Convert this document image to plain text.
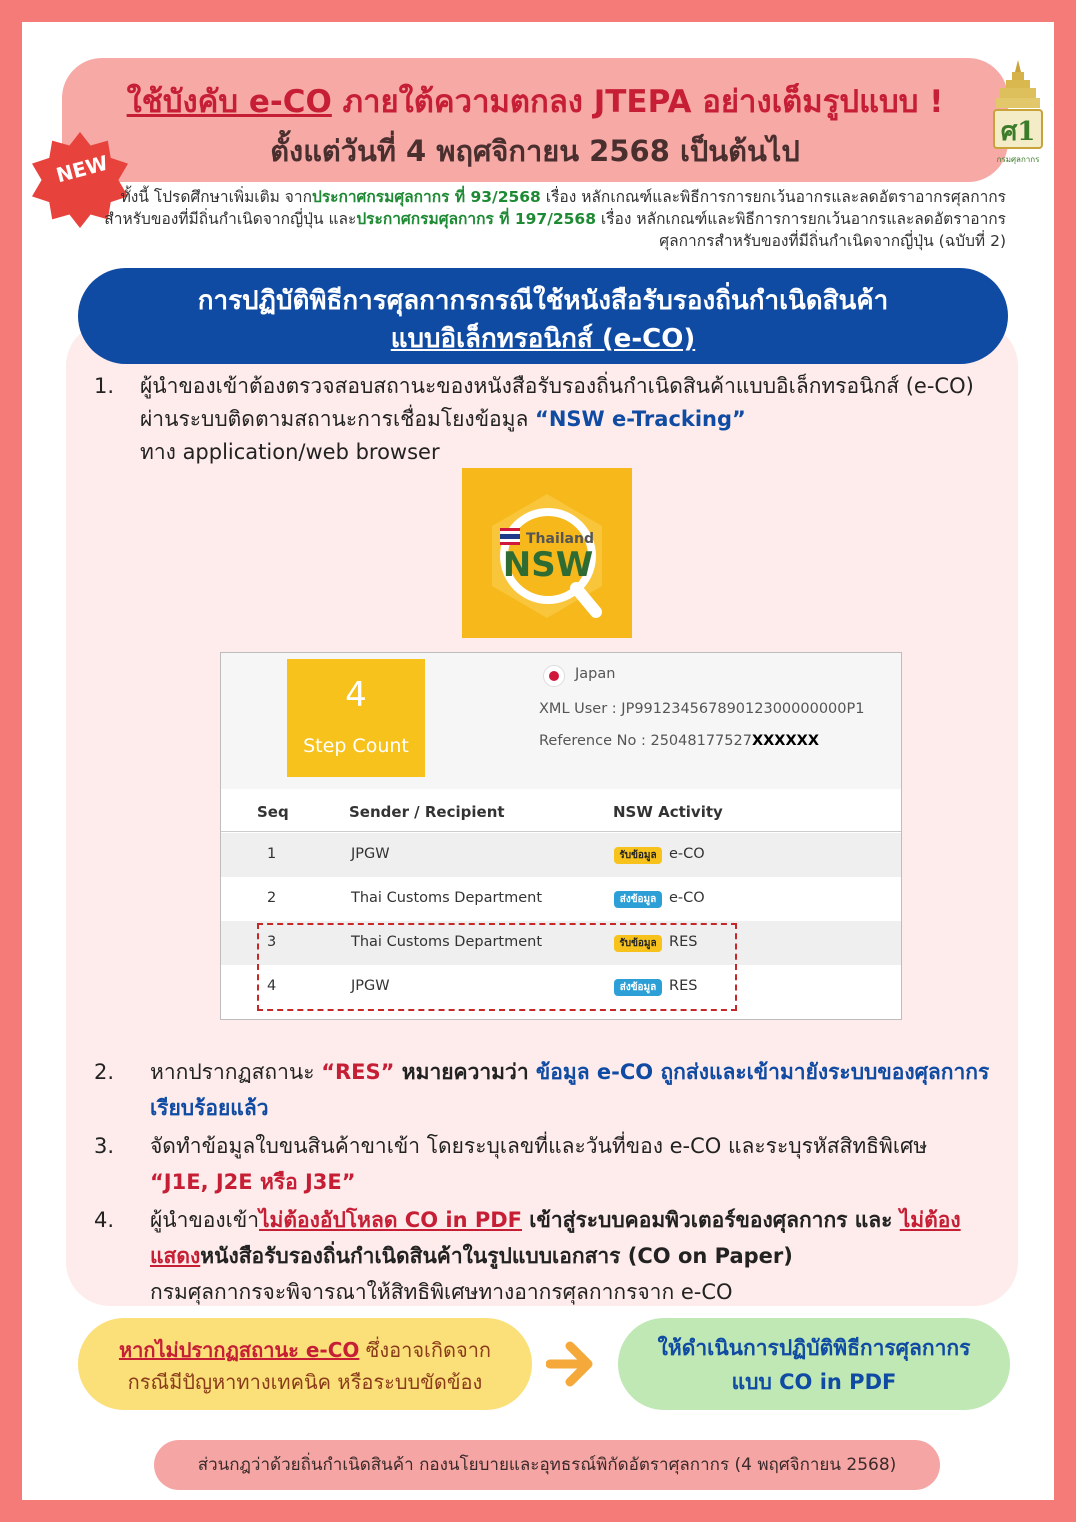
ใช้บังคับ e-CO ภายใต้ความตกลง JTEPA อย่างเต็มรูปแบบ !
ตั้งแต่วันที่ 4 พฤศจิกายน 2568 เป็นต้นไป
NEW
ศ1
กรมศุลกากร
ทั้งนี้ โปรดศึกษาเพิ่มเติม จากประกาศกรมศุลกากร ที่ 93/2568 เรื่อง หลักเกณฑ์และพิธีการการยกเว้นอากรและลดอัตราอากรศุลกากรสำหรับของที่มีถิ่นกำเนิดจากญี่ปุ่น และประกาศกรมศุลกากร ที่ 197/2568 เรื่อง หลักเกณฑ์และพิธีการการยกเว้นอากรและลดอัตราอากรศุลกากรสำหรับของที่มีถิ่นกำเนิดจากญี่ปุ่น (ฉบับที่ 2)
การปฏิบัติพิธีการศุลกากรกรณีใช้หนังสือรับรองถิ่นกำเนิดสินค้า
แบบอิเล็กทรอนิกส์ (e-CO)
1. ผู้นำของเข้าต้องตรวจสอบสถานะของหนังสือรับรองถิ่นกำเนิดสินค้าแบบอิเล็กทรอนิกส์ (e-CO) ผ่านระบบติดตามสถานะการเชื่อมโยงข้อมูล “NSW e-Tracking”
ทาง application/web browser
Thailand
NSW
4
Step Count
Japan
XML User : JP99123456789012300000000P1
Reference No : 25048177527XXXXXX
Seq	Sender / Recipient	NSW Activity
1	JPGW	รับข้อมูล e-CO
2	Thai Customs Department	ส่งข้อมูล e-CO
3	Thai Customs Department	รับข้อมูล RES
4	JPGW	ส่งข้อมูล RES
2. หากปรากฏสถานะ “RES” หมายความว่า ข้อมูล e-CO ถูกส่งและเข้ามายังระบบของศุลกากรเรียบร้อยแล้ว
3. จัดทำข้อมูลใบขนสินค้าขาเข้า โดยระบุเลขที่และวันที่ของ e-CO และระบุรหัสสิทธิพิเศษ
“J1E, J2E หรือ J3E”
4. ผู้นำของเข้าไม่ต้องอัปโหลด CO in PDF เข้าสู่ระบบคอมพิวเตอร์ของศุลกากร และ ไม่ต้องแสดงหนังสือรับรองถิ่นกำเนิดสินค้าในรูปแบบเอกสาร (CO on Paper)
กรมศุลกากรจะพิจารณาให้สิทธิพิเศษทางอากรศุลกากรจาก e-CO
หากไม่ปรากฏสถานะ e-CO ซึ่งอาจเกิดจาก
กรณีมีปัญหาทางเทคนิค หรือระบบขัดข้อง
ให้ดำเนินการปฏิบัติพิธีการศุลกากร
แบบ CO in PDF
ส่วนกฎว่าด้วยถิ่นกำเนิดสินค้า กองนโยบายและอุทธรณ์พิกัดอัตราศุลกากร (4 พฤศจิกายน 2568)
